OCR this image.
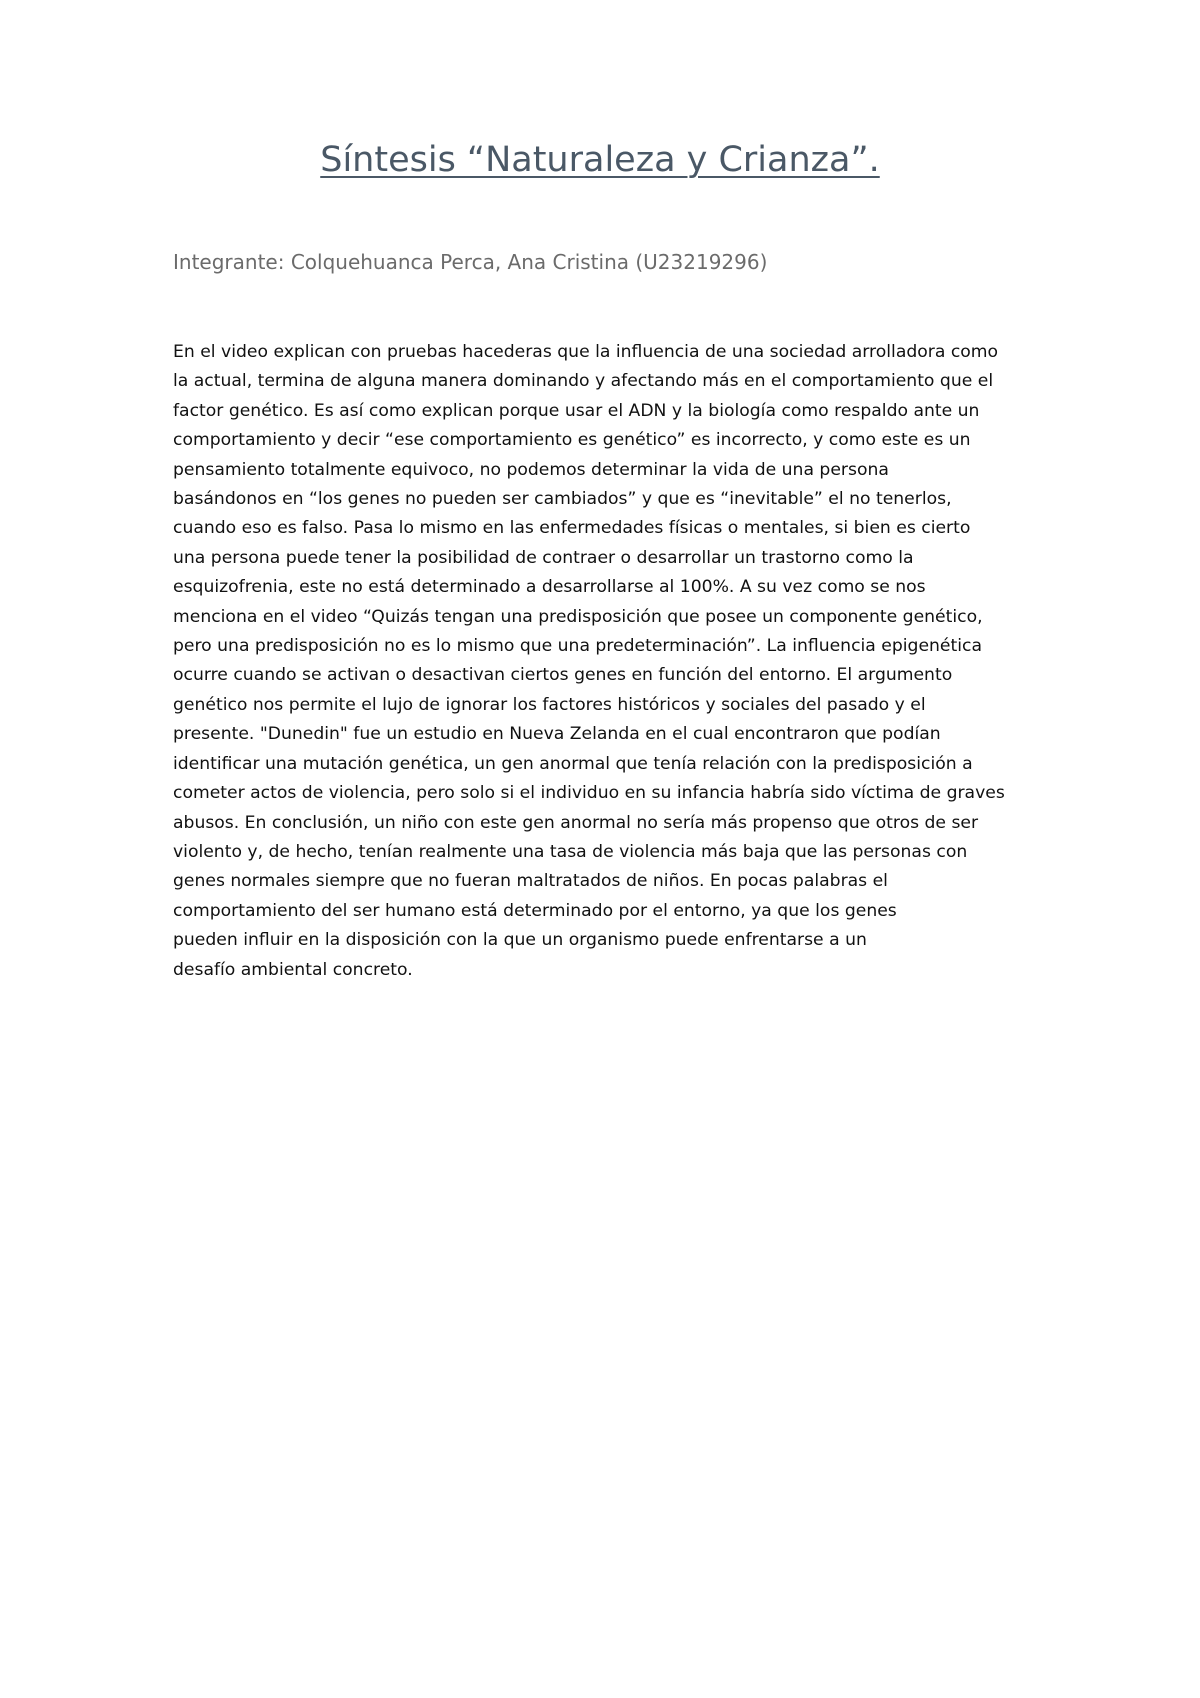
Síntesis “Naturaleza y Crianza”.

Integrante: Colquehuanca Perca, Ana Cristina (U23219296)

En el video explican con pruebas hacederas que la influencia de una sociedad arrolladora como
la actual, termina de alguna manera dominando y afectando más en el comportamiento que el
factor genético. Es así como explican porque usar el ADN y la biología como respaldo ante un
comportamiento y decir “ese comportamiento es genético” es incorrecto, y como este es un
pensamiento totalmente equivoco, no podemos determinar la vida de una persona
basándonos en “los genes no pueden ser cambiados” y que es “inevitable” el no tenerlos,
cuando eso es falso. Pasa lo mismo en las enfermedades físicas o mentales, si bien es cierto
una persona puede tener la posibilidad de contraer o desarrollar un trastorno como la
esquizofrenia, este no está determinado a desarrollarse al 100%. A su vez como se nos
menciona en el video “Quizás tengan una predisposición que posee un componente genético,
pero una predisposición no es lo mismo que una predeterminación”. La influencia epigenética
ocurre cuando se activan o desactivan ciertos genes en función del entorno. El argumento
genético nos permite el lujo de ignorar los factores históricos y sociales del pasado y el
presente. "Dunedin" fue un estudio en Nueva Zelanda en el cual encontraron que podían
identificar una mutación genética, un gen anormal que tenía relación con la predisposición a
cometer actos de violencia, pero solo si el individuo en su infancia habría sido víctima de graves
abusos. En conclusión, un niño con este gen anormal no sería más propenso que otros de ser
violento y, de hecho, tenían realmente una tasa de violencia más baja que las personas con
genes normales siempre que no fueran maltratados de niños. En pocas palabras el
comportamiento del ser humano está determinado por el entorno, ya que los genes
pueden influir en la disposición con la que un organismo puede enfrentarse a un
desafío ambiental concreto.
